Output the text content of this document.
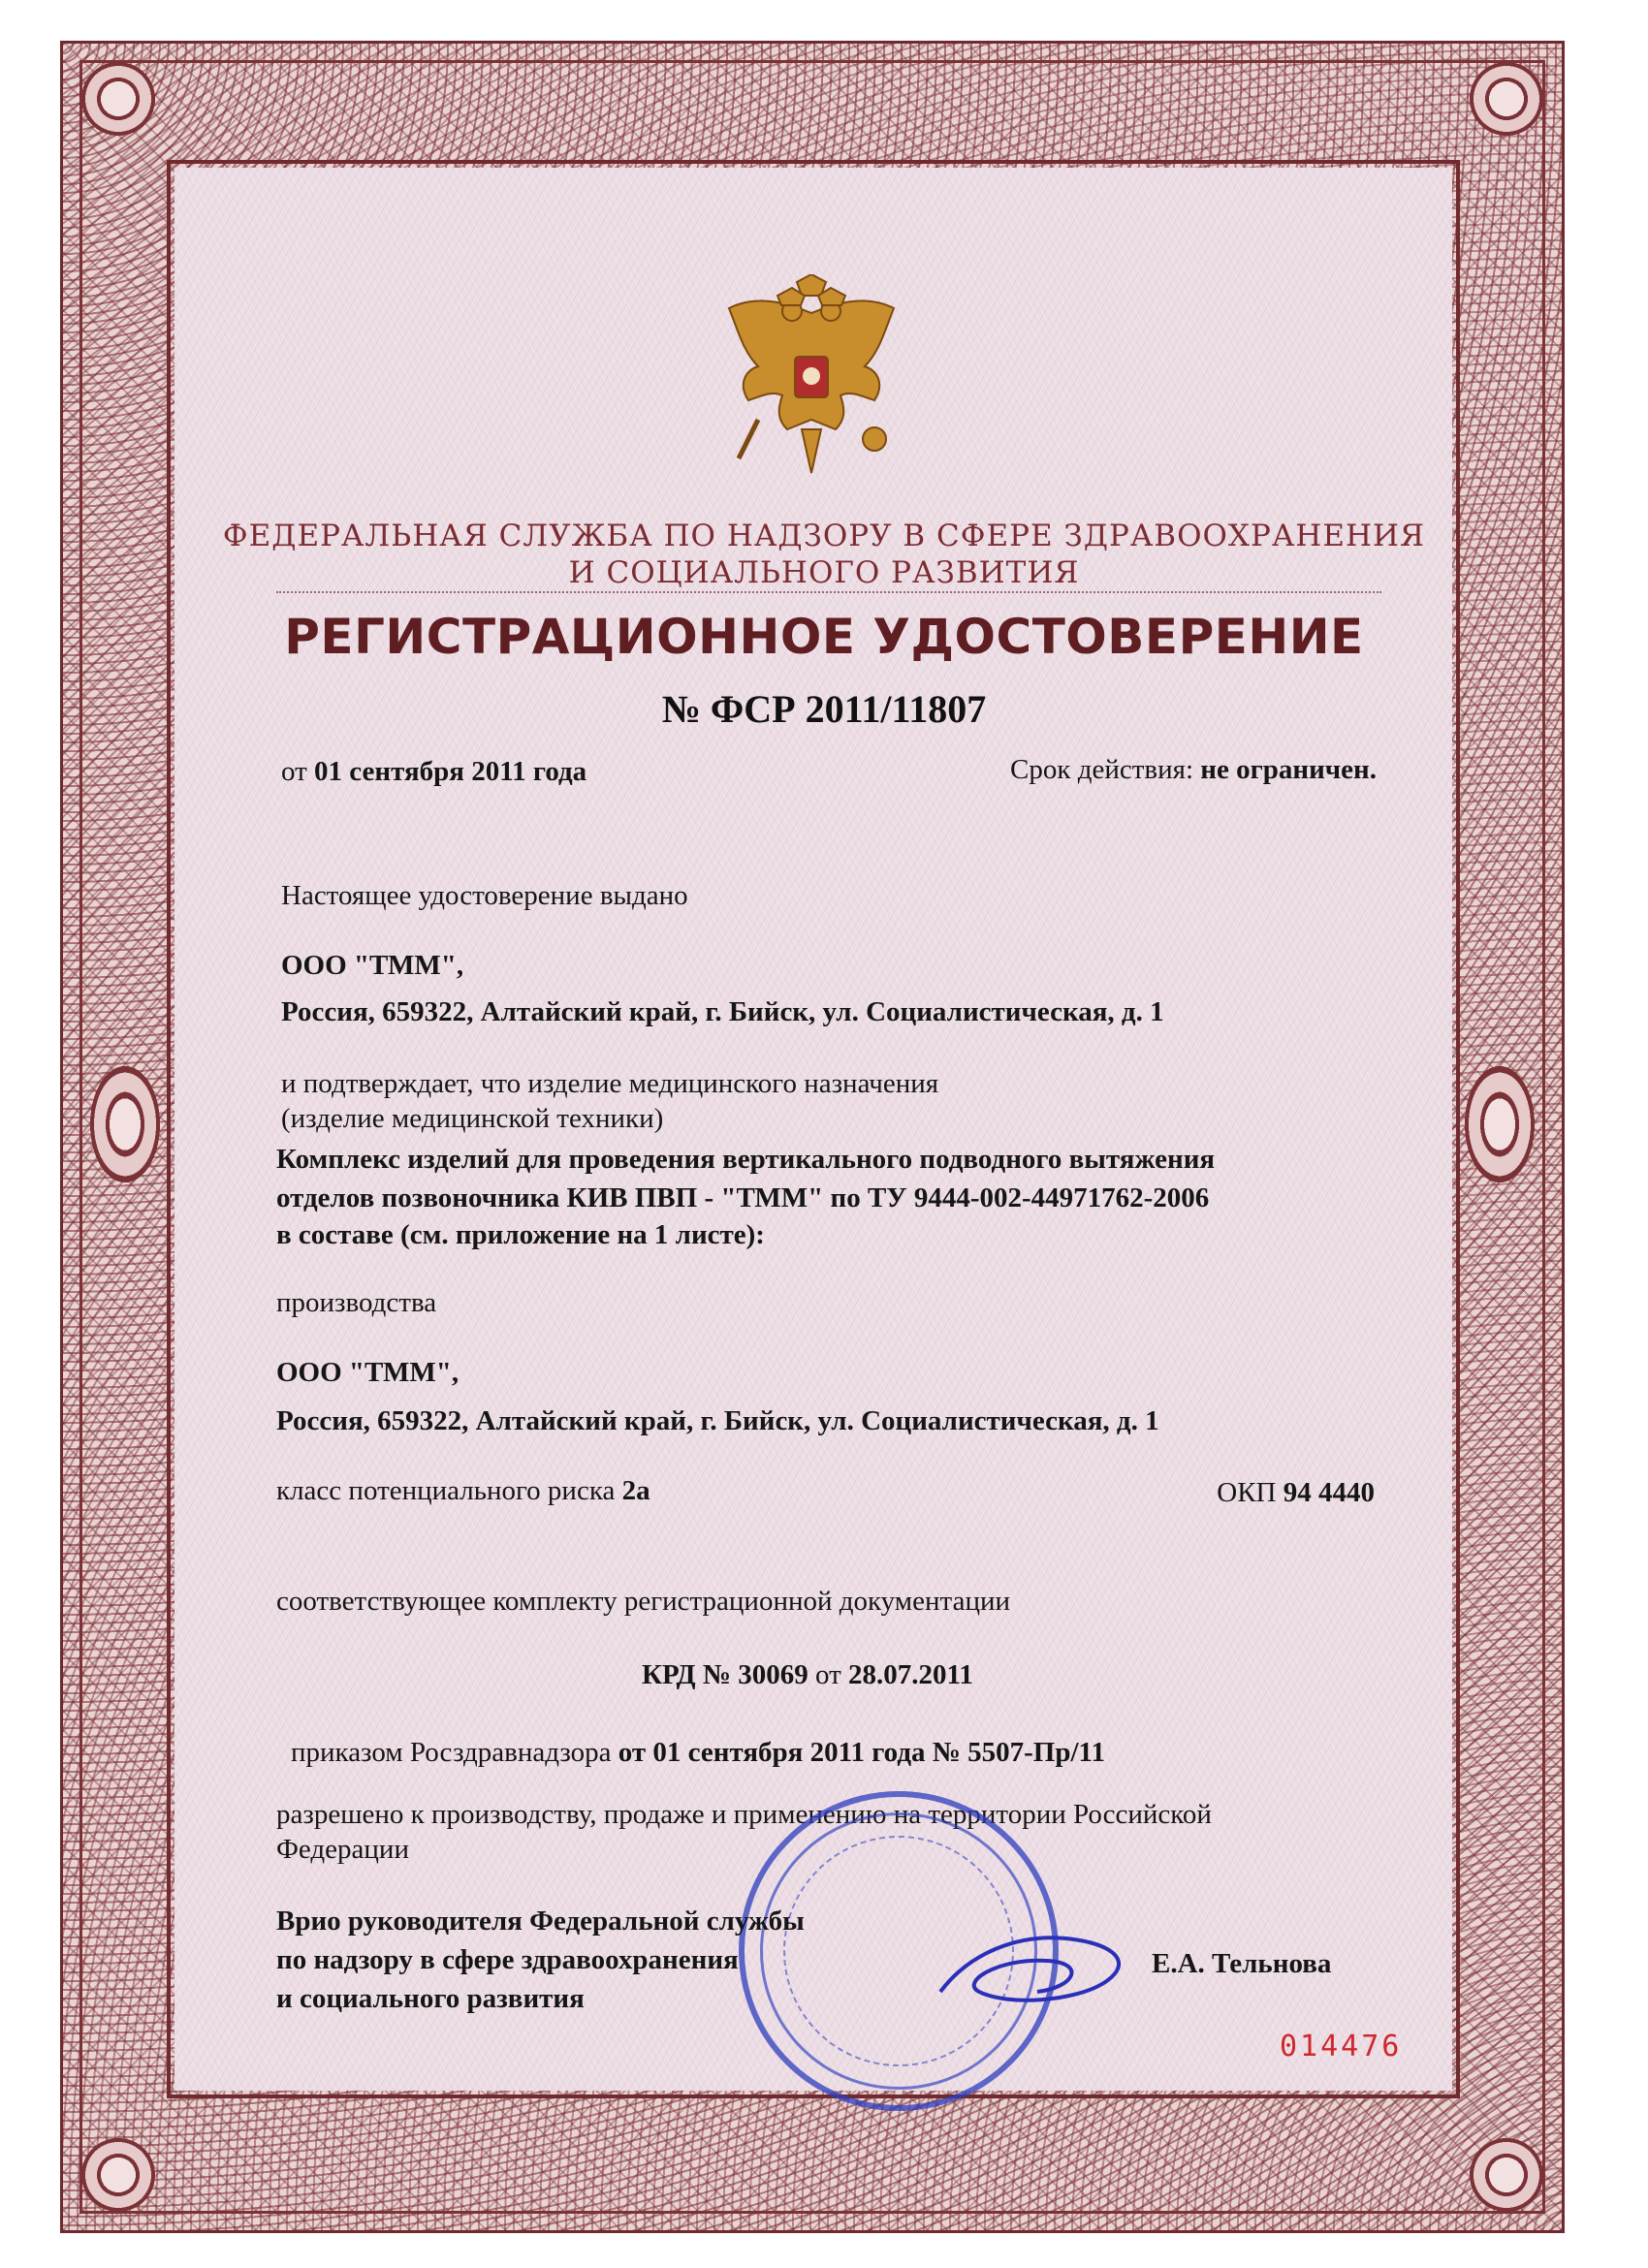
ФЕДЕРАЛЬНАЯ СЛУЖБА ПО НАДЗОРУ В СФЕРЕ ЗДРАВООХРАНЕНИЯ
И СОЦИАЛЬНОГО РАЗВИТИЯ
РЕГИСТРАЦИОННОЕ УДОСТОВЕРЕНИЕ
№ ФСР 2011/11807
от 01 сентября 2011 года	Срок действия: не ограничен.
Настоящее удостоверение выдано
ООО "ТММ",
Россия, 659322, Алтайский край, г. Бийск, ул. Социалистическая, д. 1
и подтверждает, что изделие медицинского назначения
(изделие медицинской техники)
Комплекс изделий для проведения вертикального подводного вытяжения
отделов позвоночника КИВ ПВП - "ТММ" по ТУ 9444-002-44971762-2006
в составе (см. приложение на 1 листе):
производства
ООО "ТММ",
Россия, 659322, Алтайский край, г. Бийск, ул. Социалистическая, д. 1
класс потенциального риска 2а	ОКП 94 4440
соответствующее комплекту регистрационной документации
КРД № 30069 от 28.07.2011
приказом Росздравнадзора от 01 сентября 2011 года № 5507-Пр/11
разрешено к производству, продаже и применению на территории Российской
Федерации
Врио руководителя Федеральной службы
по надзору в сфере здравоохранения
и социального развития
Е.А. Тельнова
014476
